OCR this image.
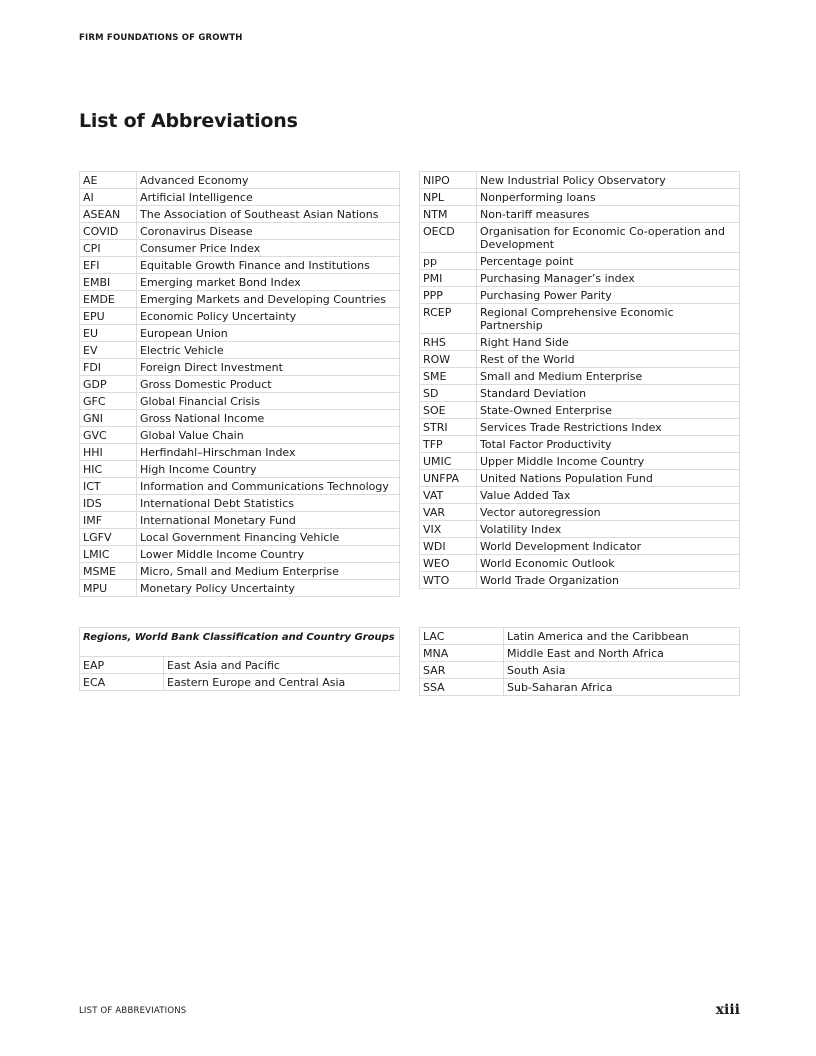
FIRM FOUNDATIONS OF GROWTH
List of Abbreviations
AE	Advanced Economy
AI	Artificial Intelligence
ASEAN	The Association of Southeast Asian Nations
COVID	Coronavirus Disease
CPI	Consumer Price Index
EFI	Equitable Growth Finance and Institutions
EMBI	Emerging market Bond Index
EMDE	Emerging Markets and Developing Countries
EPU	Economic Policy Uncertainty
EU	European Union
EV	Electric Vehicle
FDI	Foreign Direct Investment
GDP	Gross Domestic Product
GFC	Global Financial Crisis
GNI	Gross National Income
GVC	Global Value Chain
HHI	Herfindahl–Hirschman Index
HIC	High Income Country
ICT	Information and Communications Technology
IDS	International Debt Statistics
IMF	International Monetary Fund
LGFV	Local Government Financing Vehicle
LMIC	Lower Middle Income Country
MSME	Micro, Small and Medium Enterprise
MPU	Monetary Policy Uncertainty
NIPO	New Industrial Policy Observatory
NPL	Nonperforming loans
NTM	Non-tariff measures
OECD	Organisation for Economic Co-operation and Development
pp	Percentage point
PMI	Purchasing Manager’s index
PPP	Purchasing Power Parity
RCEP	Regional Comprehensive Economic Partnership
RHS	Right Hand Side
ROW	Rest of the World
SME	Small and Medium Enterprise
SD	Standard Deviation
SOE	State-Owned Enterprise
STRI	Services Trade Restrictions Index
TFP	Total Factor Productivity
UMIC	Upper Middle Income Country
UNFPA	United Nations Population Fund
VAT	Value Added Tax
VAR	Vector autoregression
VIX	Volatility Index
WDI	World Development Indicator
WEO	World Economic Outlook
WTO	World Trade Organization
Regions, World Bank Classification and Country Groups	
EAP	East Asia and Pacific
ECA	Eastern Europe and Central Asia
LAC	Latin America and the Caribbean
MNA	Middle East and North Africa
SAR	South Asia
SSA	Sub-Saharan Africa
LIST OF ABBREVIATIONS	xiii
